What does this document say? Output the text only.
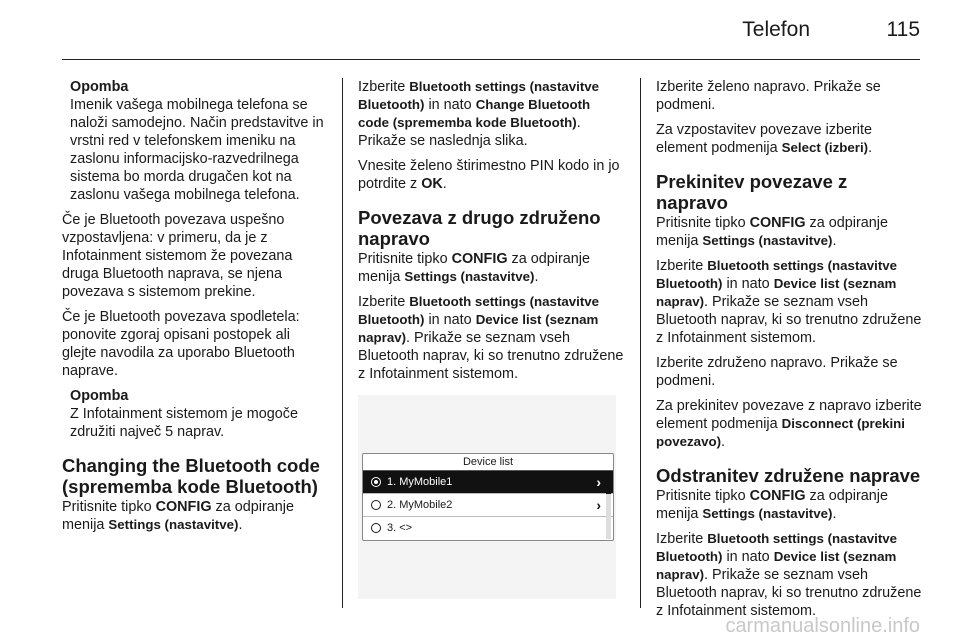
Telefon	115

Opomba

Imenik vašega mobilnega telefona se naloži samodejno. Način predstavitve in vrstni red v telefonskem imeniku na zaslonu informacijsko-razvedrilnega sistema bo morda drugačen kot na zaslonu vašega mobilnega telefona.

Če je Bluetooth povezava uspešno vzpostavljena: v primeru, da je z Infotainment sistemom že povezana druga Bluetooth naprava, se njena povezava s sistemom prekine.

Če je Bluetooth povezava spodletela: ponovite zgoraj opisani postopek ali glejte navodila za uporabo Bluetooth naprave.

Opomba

Z Infotainment sistemom je mogoče združiti največ 5 naprav.

Changing the Bluetooth code (sprememba kode Bluetooth)

Pritisnite tipko CONFIG za odpiranje menija Settings (nastavitve).

Izberite Bluetooth settings (nastavitve Bluetooth) in nato Change Bluetooth code (sprememba kode Bluetooth). Prikaže se naslednja slika.

Vnesite želeno štirimestno PIN kodo in jo potrdite z OK.

Povezava z drugo združeno napravo

Pritisnite tipko CONFIG za odpiranje menija Settings (nastavitve).

Izberite Bluetooth settings (nastavitve Bluetooth) in nato Device list (seznam naprav). Prikaže se seznam vseh Bluetooth naprav, ki so trenutno združene z Infotainment sistemom.

Device list
1. MyMobile1	›
2. MyMobile2	›
3. <>

Izberite želeno napravo. Prikaže se podmeni.

Za vzpostavitev povezave izberite element podmenija Select (izberi).

Prekinitev povezave z napravo

Pritisnite tipko CONFIG za odpiranje menija Settings (nastavitve).

Izberite Bluetooth settings (nastavitve Bluetooth) in nato Device list (seznam naprav). Prikaže se seznam vseh Bluetooth naprav, ki so trenutno združene z Infotainment sistemom.

Izberite združeno napravo. Prikaže se podmeni.

Za prekinitev povezave z napravo izberite element podmenija Disconnect (prekini povezavo).

Odstranitev združene naprave

Pritisnite tipko CONFIG za odpiranje menija Settings (nastavitve).

Izberite Bluetooth settings (nastavitve Bluetooth) in nato Device list (seznam naprav). Prikaže se seznam vseh Bluetooth naprav, ki so trenutno združene z Infotainment sistemom.

carmanualsonline.info
